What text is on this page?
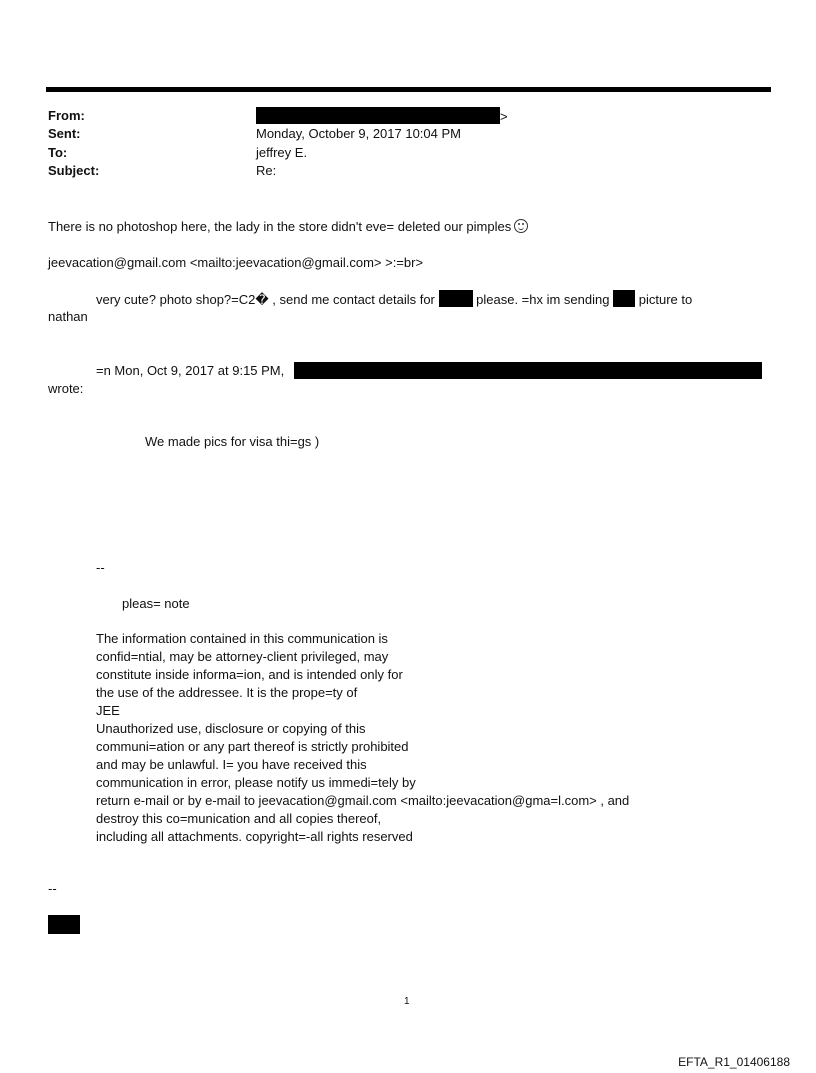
From:	>
Sent:	Monday, October 9, 2017 10:04 PM
To:	jeffrey E.
Subject:	Re:
There is no photoshop here, the lady in the store didn't eve= deleted our pimples
jeevacation@gmail.com <mailto:jeevacation@gmail.com> >:=br>
very cute? photo shop?=C2� , send me contact details for	please. =hx im sending picture to
nathan
=n Mon, Oct 9, 2017 at 9:15 PM,
wrote:
We made pics for visa thi=gs )
--
pleas= note
The information contained in this communication is
confid=ntial, may be attorney-client privileged, may
constitute inside informa=ion, and is intended only for
the use of the addressee. It is the prope=ty of
JEE
Unauthorized use, disclosure or copying of this
communi=ation or any part thereof is strictly prohibited
and may be unlawful. I= you have received this
communication in error, please notify us immedi=tely by
return e-mail or by e-mail to jeevacation@gmail.com <mailto:jeevacation@gma=l.com> , and
destroy this co=munication and all copies thereof,
including all attachments. copyright=-all rights reserved
--
1
EFTA_R1_01406188
